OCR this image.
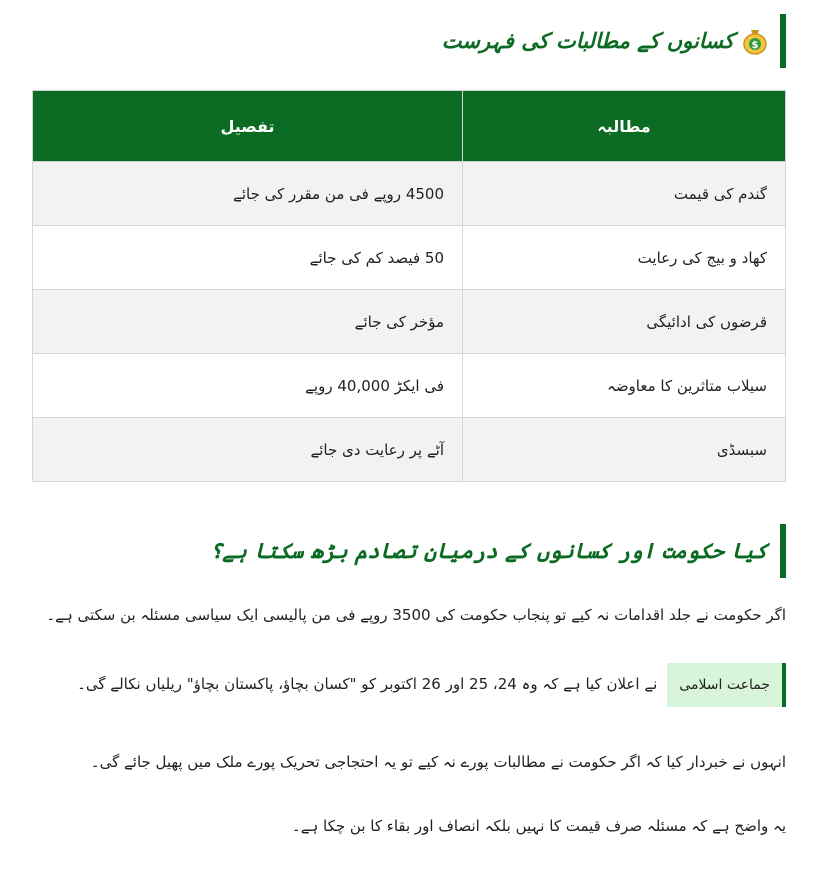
$
کسانوں کے مطالبات کی فہرست
مطالبہ	تفصیل
گندم کی قیمت	4500 روپے فی من مقرر کی جائے
کھاد و بیج کی رعایت	50 فیصد کم کی جائے
قرضوں کی ادائیگی	مؤخر کی جائے
سیلاب متاثرین کا معاوضہ	فی ایکڑ 40,000 روپے
سبسڈی	آٹے پر رعایت دی جائے
کیا حکومت اور کسانوں کے درمیان تصادم بڑھ سکتا ہے؟

اگر حکومت نے جلد اقدامات نہ کیے تو پنجاب حکومت کی 3500 روپے فی من پالیسی ایک سیاسی مسئلہ بن سکتی ہے۔

جماعت اسلامی
نے اعلان کیا ہے کہ وہ 24، 25 اور 26 اکتوبر کو "کسان بچاؤ، پاکستان بچاؤ" ریلیاں نکالے گی۔

انہوں نے خبردار کیا کہ اگر حکومت نے مطالبات پورے نہ کیے تو یہ احتجاجی تحریک پورے ملک میں پھیل جائے گی۔

یہ واضح ہے کہ مسئلہ صرف قیمت کا نہیں بلکہ انصاف اور بقاء کا بن چکا ہے۔
